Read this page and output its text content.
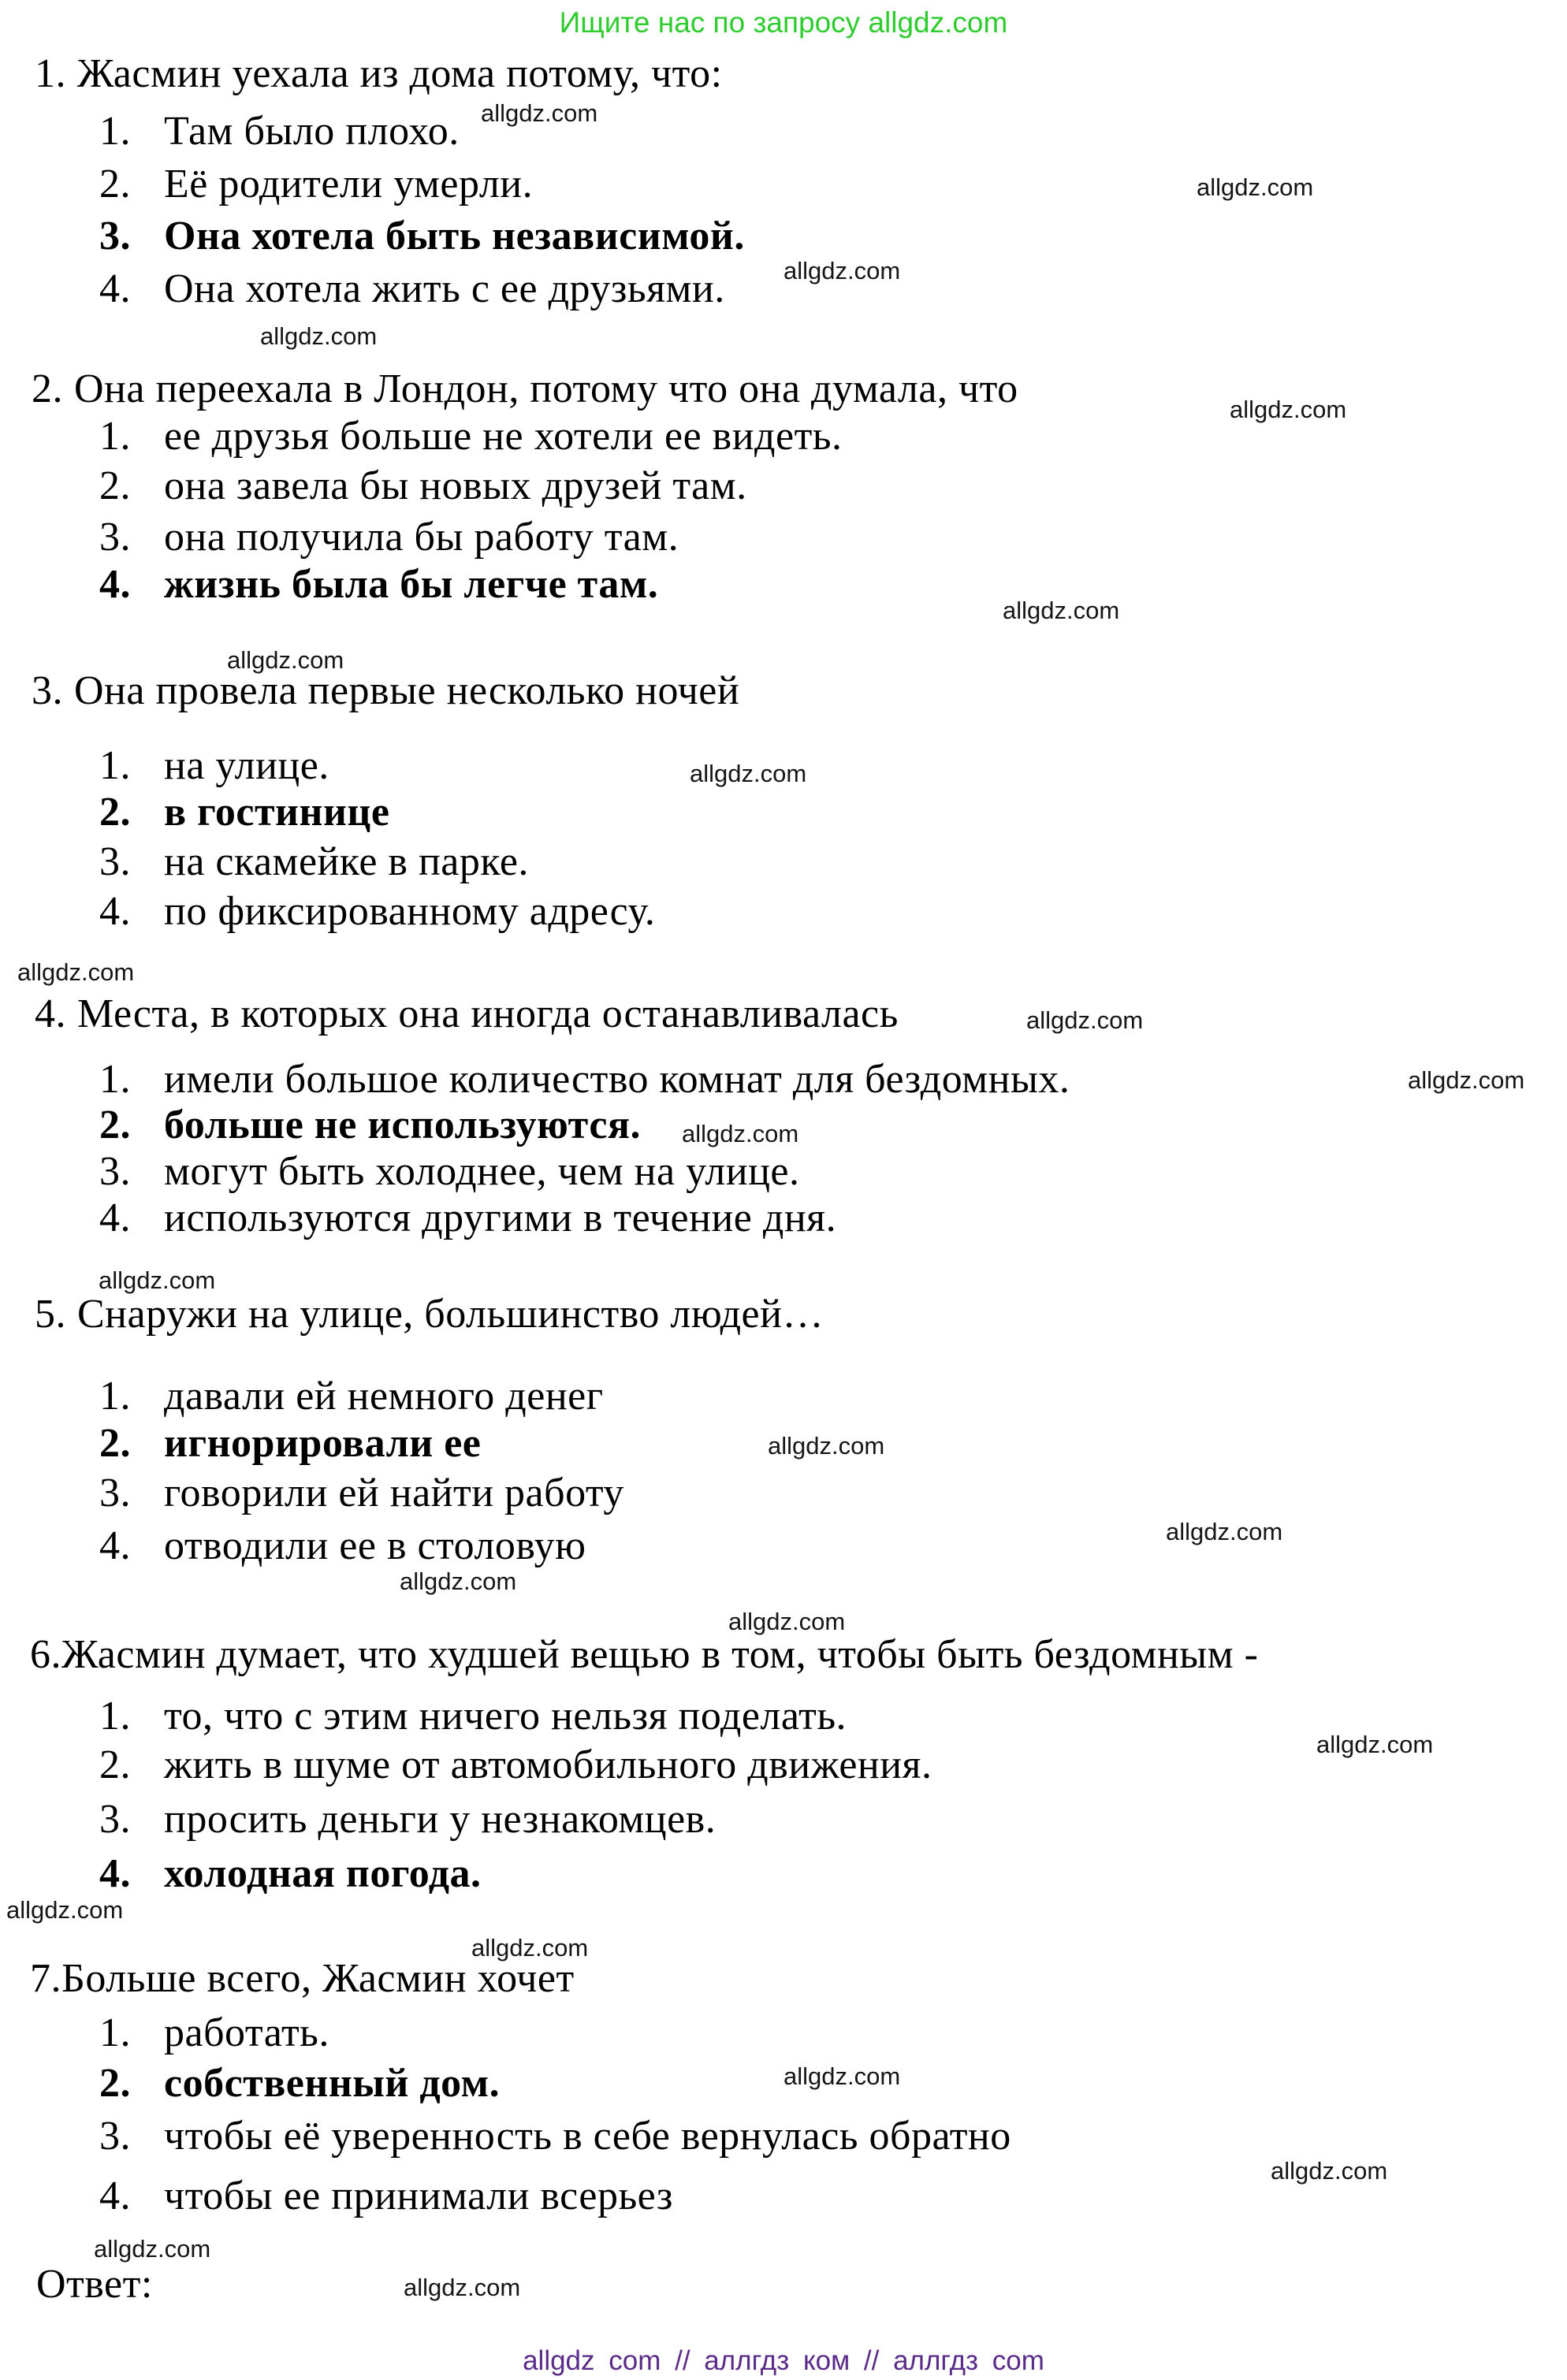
Ищите нас по запросу allgdz.com
allgdz.com
allgdz.com
allgdz.com
allgdz.com
allgdz.com
allgdz.com
allgdz.com
allgdz.com
allgdz.com
allgdz.com
allgdz.com
allgdz.com
allgdz.com
allgdz.com
allgdz.com
allgdz.com
allgdz.com
allgdz.com
allgdz.com
allgdz.com
allgdz.com
allgdz.com
allgdz.com
allgdz.com
1. Жасмин уехала из дома потому, что:
1. Там было плохо.
2. Её родители умерли.
3. Она хотела быть независимой.
4. Она хотела жить с ее друзьями.
2. Она переехала в Лондон, потому что она думала, что
1. ее друзья больше не хотели ее видеть.
2. она завела бы новых друзей там.
3. она получила бы работу там.
4. жизнь была бы легче там.
3. Она провела первые несколько ночей
1. на улице.
2. в гостинице
3. на скамейке в парке.
4. по фиксированному адресу.
4. Места, в которых она иногда останавливалась
1. имели большое количество комнат для бездомных.
2. больше не используются.
3. могут быть холоднее, чем на улице.
4. используются другими в течение дня.
5. Снаружи на улице, большинство людей…
1. давали ей немного денег
2. игнорировали ее
3. говорили ей найти работу
4. отводили ее в столовую
6.Жасмин думает, что худшей вещью в том, чтобы быть бездомным -
1. то, что с этим ничего нельзя поделать.
2. жить в шуме от автомобильного движения.
3. просить деньги у незнакомцев.
4. холодная погода.
7.Больше всего, Жасмин хочет
1. работать.
2. собственный дом.
3. чтобы её уверенность в себе вернулась обратно
4. чтобы ее принимали всерьез
Ответ:
allgdz com // аллгдз ком // аллгдз com
